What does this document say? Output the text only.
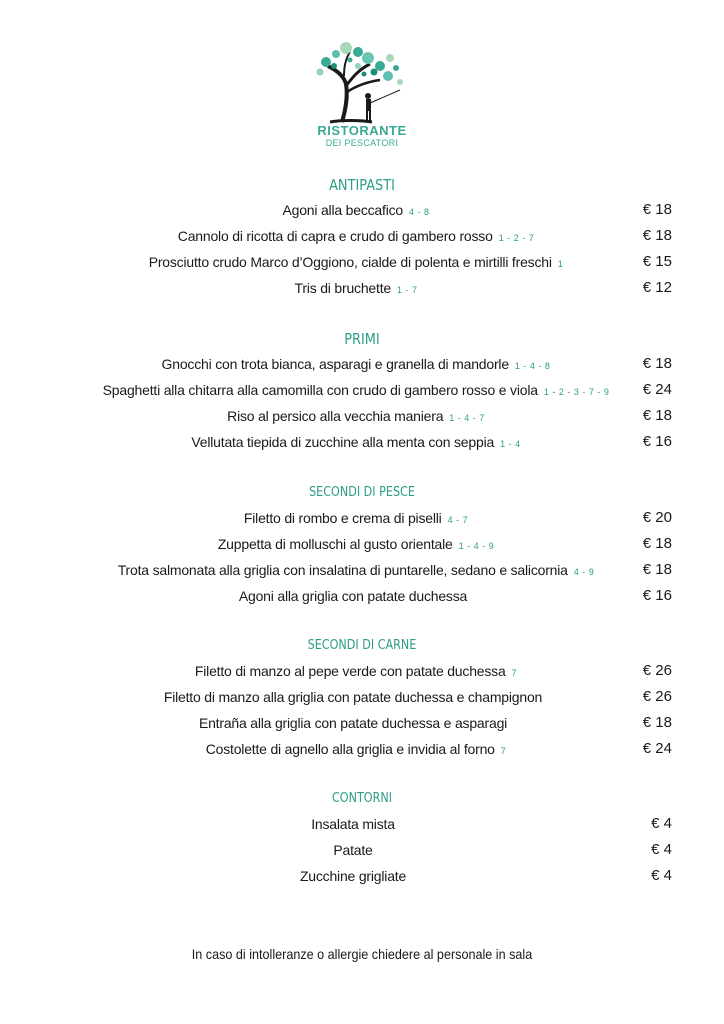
RISTORANTE
DEI PESCATORI
ANTIPASTI
Agoni alla beccafico 4 - 8	€ 18
Cannolo di ricotta di capra e crudo di gambero rosso 1 - 2 - 7	€ 18
Prosciutto crudo Marco d’Oggiono, cialde di polenta e mirtilli freschi 1	€ 15
Tris di bruchette 1 - 7	€ 12
PRIMI
Gnocchi con trota bianca, asparagi e granella di mandorle 1 - 4 - 8	€ 18
Spaghetti alla chitarra alla camomilla con crudo di gambero rosso e viola 1 - 2 - 3 - 7 - 9	€ 24
Riso al persico alla vecchia maniera 1 - 4 - 7	€ 18
Vellutata tiepida di zucchine alla menta con seppia 1 - 4	€ 16
SECONDI DI PESCE
Filetto di rombo e crema di piselli 4 - 7	€ 20
Zuppetta di molluschi al gusto orientale 1 - 4 - 9	€ 18
Trota salmonata alla griglia con insalatina di puntarelle, sedano e salicornia 4 - 9	€ 18
Agoni alla griglia con patate duchessa	€ 16
SECONDI DI CARNE
Filetto di manzo al pepe verde con patate duchessa 7	€ 26
Filetto di manzo alla griglia con patate duchessa e champignon	€ 26
Entraña alla griglia con patate duchessa e asparagi	€ 18
Costolette di agnello alla griglia e invidia al forno 7	€ 24
CONTORNI
Insalata mista	€ 4
Patate	€ 4
Zucchine grigliate	€ 4
In caso di intolleranze o allergie chiedere al personale in sala
